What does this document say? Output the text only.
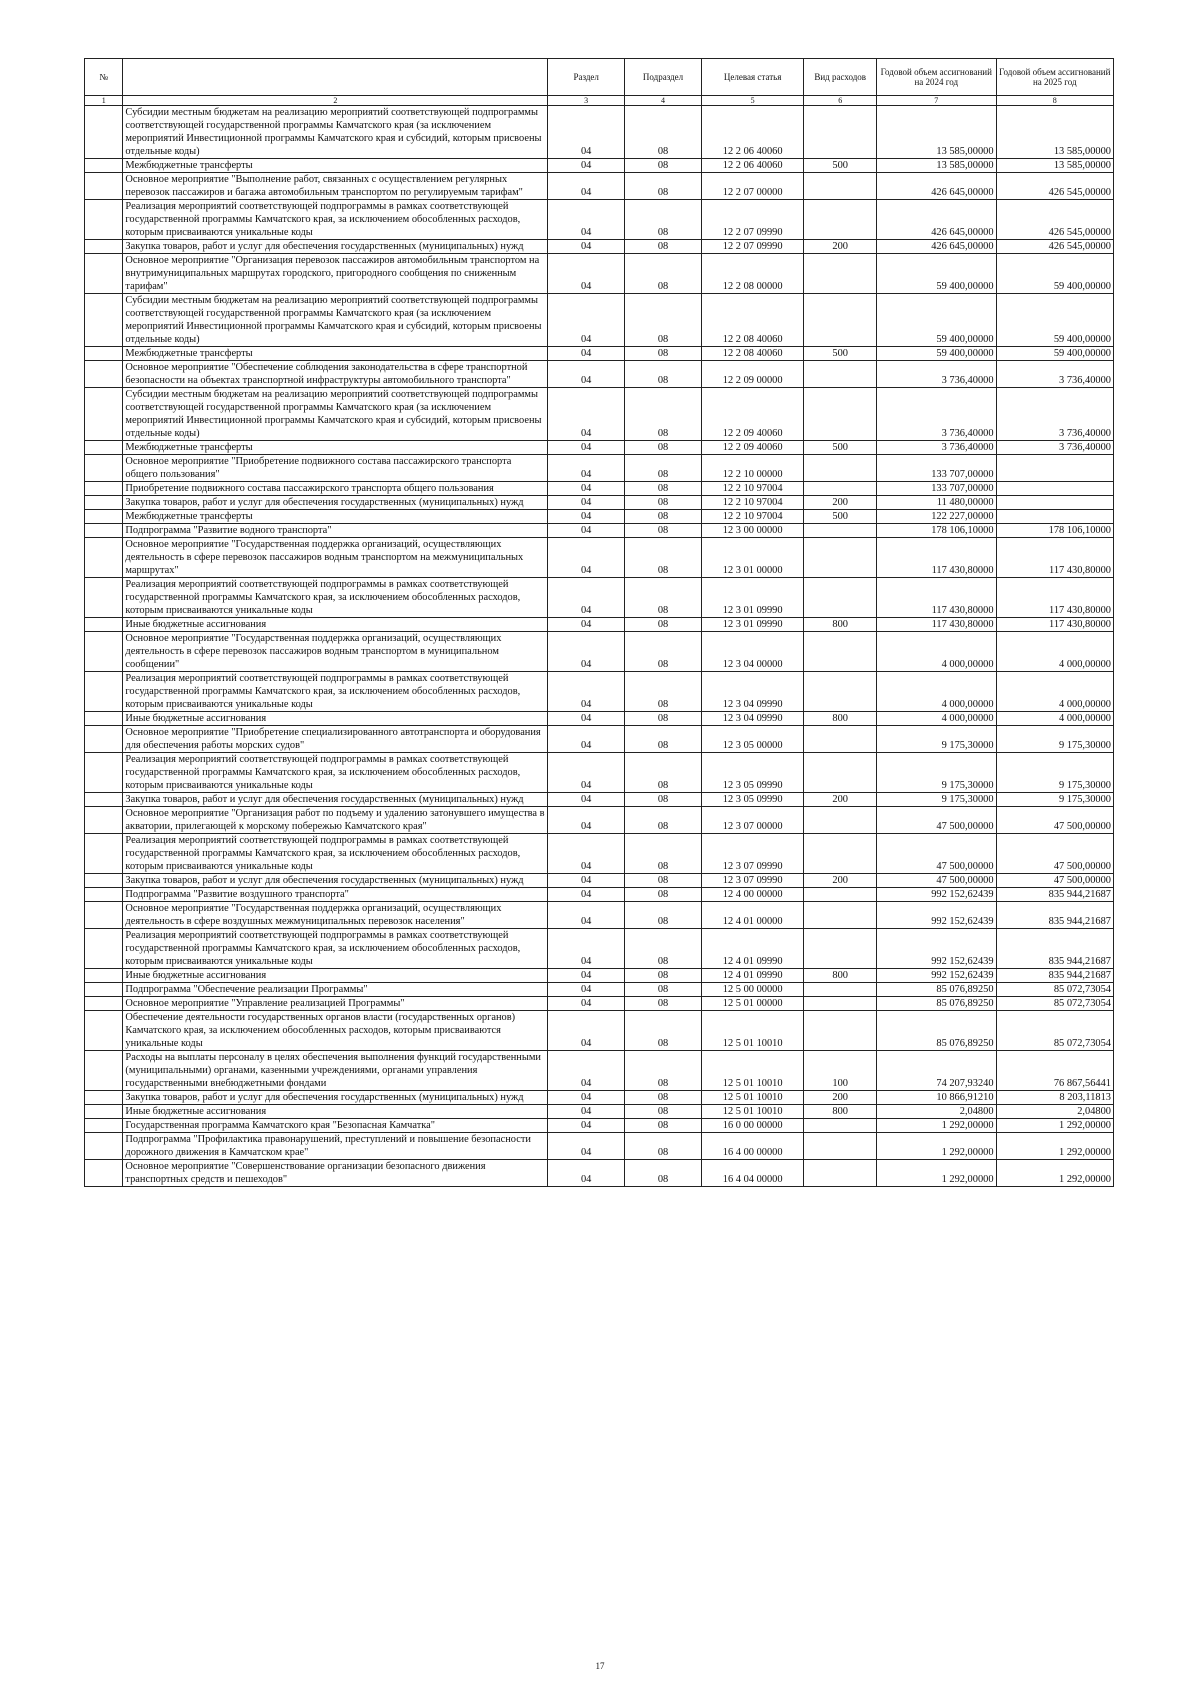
№		Раздел	Подраздел	Целевая статья	Вид расходов	Годовой объем ассигнований на 2024 год	Годовой объем ассигнований на 2025 год
1	2	3	4	5	6	7	8
	Субсидии местным бюджетам на реализацию мероприятий соответствующей подпрограммы соответствующей государственной программы Камчатского края (за исключением мероприятий Инвестиционной программы Камчатского края и субсидий, которым присвоены отдельные коды)	04	08	12 2 06 40060		13 585,00000	13 585,00000
	Межбюджетные трансферты	04	08	12 2 06 40060	500	13 585,00000	13 585,00000
	Основное мероприятие "Выполнение работ, связанных с осуществлением регулярных перевозок пассажиров и багажа автомобильным транспортом по регулируемым тарифам"	04	08	12 2 07 00000		426 645,00000	426 545,00000
	Реализация мероприятий соответствующей подпрограммы в рамках соответствующей государственной программы Камчатского края, за исключением обособленных расходов, которым присваиваются уникальные коды	04	08	12 2 07 09990		426 645,00000	426 545,00000
	Закупка товаров, работ и услуг для обеспечения государственных (муниципальных) нужд	04	08	12 2 07 09990	200	426 645,00000	426 545,00000
	Основное мероприятие "Организация перевозок пассажиров автомобильным транспортом на внутримуниципальных маршрутах городского, пригородного сообщения по сниженным тарифам"	04	08	12 2 08 00000		59 400,00000	59 400,00000
	Субсидии местным бюджетам на реализацию мероприятий соответствующей подпрограммы соответствующей государственной программы Камчатского края (за исключением мероприятий Инвестиционной программы Камчатского края и субсидий, которым присвоены отдельные коды)	04	08	12 2 08 40060		59 400,00000	59 400,00000
	Межбюджетные трансферты	04	08	12 2 08 40060	500	59 400,00000	59 400,00000
	Основное мероприятие "Обеспечение соблюдения законодательства в сфере транспортной безопасности на объектах транспортной инфраструктуры автомобильного транспорта"	04	08	12 2 09 00000		3 736,40000	3 736,40000
	Субсидии местным бюджетам на реализацию мероприятий соответствующей подпрограммы соответствующей государственной программы Камчатского края (за исключением мероприятий Инвестиционной программы Камчатского края и субсидий, которым присвоены отдельные коды)	04	08	12 2 09 40060		3 736,40000	3 736,40000
	Межбюджетные трансферты	04	08	12 2 09 40060	500	3 736,40000	3 736,40000
	Основное мероприятие "Приобретение подвижного состава пассажирского транспорта общего пользования"	04	08	12 2 10 00000		133 707,00000	
	Приобретение подвижного состава пассажирского транспорта общего пользования	04	08	12 2 10 97004		133 707,00000	
	Закупка товаров, работ и услуг для обеспечения государственных (муниципальных) нужд	04	08	12 2 10 97004	200	11 480,00000	
	Межбюджетные трансферты	04	08	12 2 10 97004	500	122 227,00000	
	Подпрограмма "Развитие водного транспорта"	04	08	12 3 00 00000		178 106,10000	178 106,10000
	Основное мероприятие "Государственная поддержка организаций, осуществляющих деятельность в сфере перевозок пассажиров водным транспортом на межмуниципальных маршрутах"	04	08	12 3 01 00000		117 430,80000	117 430,80000
	Реализация мероприятий соответствующей подпрограммы в рамках соответствующей государственной программы Камчатского края, за исключением обособленных расходов, которым присваиваются уникальные коды	04	08	12 3 01 09990		117 430,80000	117 430,80000
	Иные бюджетные ассигнования	04	08	12 3 01 09990	800	117 430,80000	117 430,80000
	Основное мероприятие "Государственная поддержка организаций, осуществляющих деятельность в сфере перевозок пассажиров водным транспортом в муниципальном сообщении"	04	08	12 3 04 00000		4 000,00000	4 000,00000
	Реализация мероприятий соответствующей подпрограммы в рамках соответствующей государственной программы Камчатского края, за исключением обособленных расходов, которым присваиваются уникальные коды	04	08	12 3 04 09990		4 000,00000	4 000,00000
	Иные бюджетные ассигнования	04	08	12 3 04 09990	800	4 000,00000	4 000,00000
	Основное мероприятие "Приобретение специализированного автотранспорта и оборудования для обеспечения работы морских судов"	04	08	12 3 05 00000		9 175,30000	9 175,30000
	Реализация мероприятий соответствующей подпрограммы в рамках соответствующей государственной программы Камчатского края, за исключением обособленных расходов, которым присваиваются уникальные коды	04	08	12 3 05 09990		9 175,30000	9 175,30000
	Закупка товаров, работ и услуг для обеспечения государственных (муниципальных) нужд	04	08	12 3 05 09990	200	9 175,30000	9 175,30000
	Основное мероприятие "Организация работ по подъему и удалению затонувшего имущества в акватории, прилегающей к морскому побережью Камчатского края"	04	08	12 3 07 00000		47 500,00000	47 500,00000
	Реализация мероприятий соответствующей подпрограммы в рамках соответствующей государственной программы Камчатского края, за исключением обособленных расходов, которым присваиваются уникальные коды	04	08	12 3 07 09990		47 500,00000	47 500,00000
	Закупка товаров, работ и услуг для обеспечения государственных (муниципальных) нужд	04	08	12 3 07 09990	200	47 500,00000	47 500,00000
	Подпрограмма "Развитие воздушного транспорта"	04	08	12 4 00 00000		992 152,62439	835 944,21687
	Основное мероприятие "Государственная поддержка организаций, осуществляющих деятельность в сфере воздушных межмуниципальных перевозок населения"	04	08	12 4 01 00000		992 152,62439	835 944,21687
	Реализация мероприятий соответствующей подпрограммы в рамках соответствующей государственной программы Камчатского края, за исключением обособленных расходов, которым присваиваются уникальные коды	04	08	12 4 01 09990		992 152,62439	835 944,21687
	Иные бюджетные ассигнования	04	08	12 4 01 09990	800	992 152,62439	835 944,21687
	Подпрограмма "Обеспечение реализации Программы"	04	08	12 5 00 00000		85 076,89250	85 072,73054
	Основное мероприятие "Управление реализацией Программы"	04	08	12 5 01 00000		85 076,89250	85 072,73054
	Обеспечение деятельности государственных органов власти (государственных органов) Камчатского края, за исключением обособленных расходов, которым присваиваются уникальные коды	04	08	12 5 01 10010		85 076,89250	85 072,73054
	Расходы на выплаты персоналу в целях обеспечения выполнения функций государственными (муниципальными) органами, казенными учреждениями, органами управления государственными внебюджетными фондами	04	08	12 5 01 10010	100	74 207,93240	76 867,56441
	Закупка товаров, работ и услуг для обеспечения государственных (муниципальных) нужд	04	08	12 5 01 10010	200	10 866,91210	8 203,11813
	Иные бюджетные ассигнования	04	08	12 5 01 10010	800	2,04800	2,04800
	Государственная программа Камчатского края "Безопасная Камчатка"	04	08	16 0 00 00000		1 292,00000	1 292,00000
	Подпрограмма "Профилактика правонарушений, преступлений и повышение безопасности дорожного движения в Камчатском крае"	04	08	16 4 00 00000		1 292,00000	1 292,00000
	Основное мероприятие "Совершенствование организации безопасного движения транспортных средств и пешеходов"	04	08	16 4 04 00000		1 292,00000	1 292,00000
17
